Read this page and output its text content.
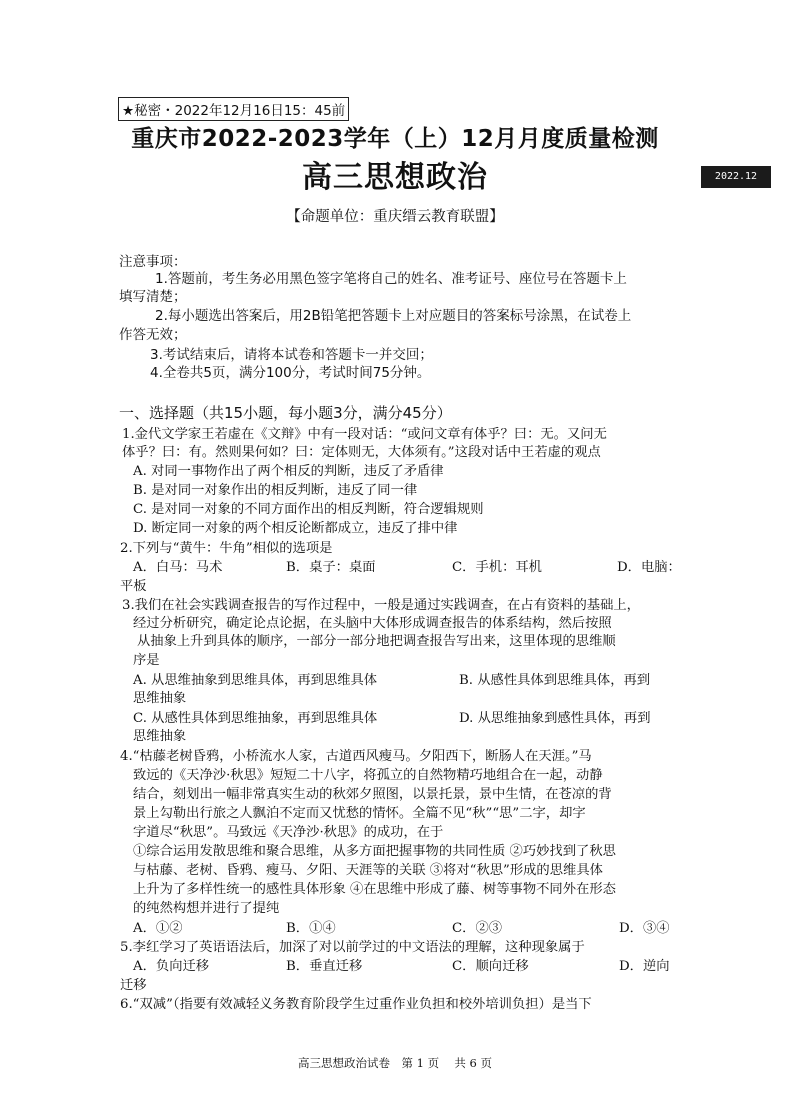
★秘密・2022年12月16日15：45前
重庆市2022-2023学年（上）12月月度质量检测
高三思想政治	2022.12
【命题单位：重庆缙云教育联盟】
注意事项：
1.答题前，考生务必用黑色签字笔将自己的姓名、准考证号、座位号在答题卡上
填写清楚；
2.每小题选出答案后，用2B铅笔把答题卡上对应题目的答案标号涂黑，在试卷上
作答无效；
3.考试结束后，请将本试卷和答题卡一并交回；
4.全卷共5页，满分100分，考试时间75分钟。
一、选择题（共15小题，每小题3分，满分45分）
1.金代文学家王若虚在《文辩》中有一段对话：“或问文章有体乎？曰：无。又问无
体乎？曰：有。然则果何如？曰：定体则无，大体须有。”这段对话中王若虚的观点
A. 对同一事物作出了两个相反的判断，违反了矛盾律
B. 是对同一对象作出的相反判断，违反了同一律
C. 是对同一对象的不同方面作出的相反判断，符合逻辑规则
D. 断定同一对象的两个相反论断都成立，违反了排中律
2.下列与“黄牛：牛角”相似的选项是
A．白马：马术	B．桌子：桌面	C．手机：耳机	D．电脑：
平板
3.我们在社会实践调查报告的写作过程中，一般是通过实践调查，在占有资料的基础上，
经过分析研究，确定论点论据，在头脑中大体形成调查报告的体系结构，然后按照
从抽象上升到具体的顺序，一部分一部分地把调查报告写出来，这里体现的思维顺
序是
A. 从思维抽象到思维具体，再到思维具体	B. 从感性具体到思维具体，再到
思维抽象
C. 从感性具体到思维抽象，再到思维具体	D. 从思维抽象到感性具体，再到
思维抽象
4.“枯藤老树昏鸦，小桥流水人家，古道西风瘦马。夕阳西下，断肠人在天涯。”马
致远的《天净沙·秋思》短短二十八字，将孤立的自然物精巧地组合在一起，动静
结合，刻划出一幅非常真实生动的秋郊夕照图，以景托景，景中生情，在苍凉的背
景上勾勒出行旅之人飘泊不定而又忧愁的情怀。全篇不见“秋”“思”二字，却字
字道尽“秋思”。马致远《天净沙·秋思》的成功，在于
①综合运用发散思维和聚合思维，从多方面把握事物的共同性质 ②巧妙找到了秋思
与枯藤、老树、昏鸦、瘦马、夕阳、天涯等的关联 ③将对“秋思”形成的思维具体
上升为了多样性统一的感性具体形象 ④在思维中形成了藤、树等事物不同外在形态
的纯然构想并进行了提纯
A．①②	B．①④	C．②③	D．③④
5.李红学习了英语语法后，加深了对以前学过的中文语法的理解，这种现象属于
A．负向迁移	B．垂直迁移	C．顺向迁移	D．逆向
迁移
6.“双减”（指要有效减轻义务教育阶段学生过重作业负担和校外培训负担）是当下
高三思想政治试卷　第 1 页　 共 6 页
